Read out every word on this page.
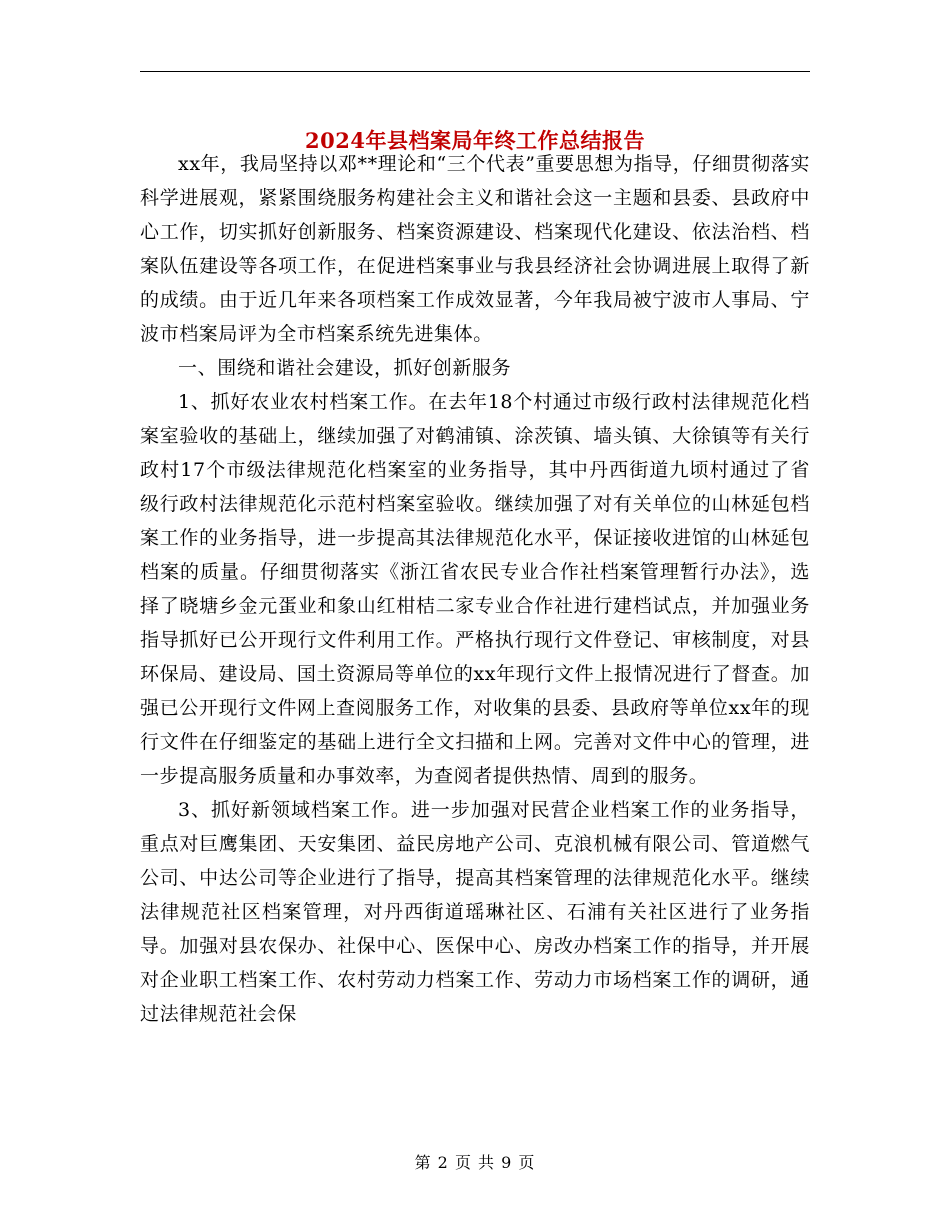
2024年县档案局年终工作总结报告

xx年，我局坚持以邓**理论和“三个代表”重要思想为指导，仔细贯彻落实科学进展观，紧紧围绕服务构建社会主义和谐社会这一主题和县委、县政府中心工作，切实抓好创新服务、档案资源建设、档案现代化建设、依法治档、档案队伍建设等各项工作，在促进档案事业与我县经济社会协调进展上取得了新的成绩。由于近几年来各项档案工作成效显著，今年我局被宁波市人事局、宁波市档案局评为全市档案系统先进集体。

一、围绕和谐社会建设，抓好创新服务

1、抓好农业农村档案工作。在去年18个村通过市级行政村法律规范化档案室验收的基础上，继续加强了对鹤浦镇、涂茨镇、墙头镇、大徐镇等有关行政村17个市级法律规范化档案室的业务指导，其中丹西街道九顷村通过了省级行政村法律规范化示范村档案室验收。继续加强了对有关单位的山林延包档案工作的业务指导，进一步提高其法律规范化水平，保证接收进馆的山林延包档案的质量。仔细贯彻落实《浙江省农民专业合作社档案管理暂行办法》，选择了晓塘乡金元蛋业和象山红柑桔二家专业合作社进行建档试点，并加强业务指导抓好已公开现行文件利用工作。严格执行现行文件登记、审核制度，对县环保局、建设局、国土资源局等单位的xx年现行文件上报情况进行了督查。加强已公开现行文件网上查阅服务工作，对收集的县委、县政府等单位xx年的现行文件在仔细鉴定的基础上进行全文扫描和上网。完善对文件中心的管理，进一步提高服务质量和办事效率，为查阅者提供热情、周到的服务。

3、抓好新领域档案工作。进一步加强对民营企业档案工作的业务指导，重点对巨鹰集团、天安集团、益民房地产公司、克浪机械有限公司、管道燃气公司、中达公司等企业进行了指导，提高其档案管理的法律规范化水平。继续法律规范社区档案管理，对丹西街道瑶琳社区、石浦有关社区进行了业务指导。加强对县农保办、社保中心、医保中心、房改办档案工作的指导，并开展对企业职工档案工作、农村劳动力档案工作、劳动力市场档案工作的调研，通过法律规范社会保

第 2 页 共 9 页
